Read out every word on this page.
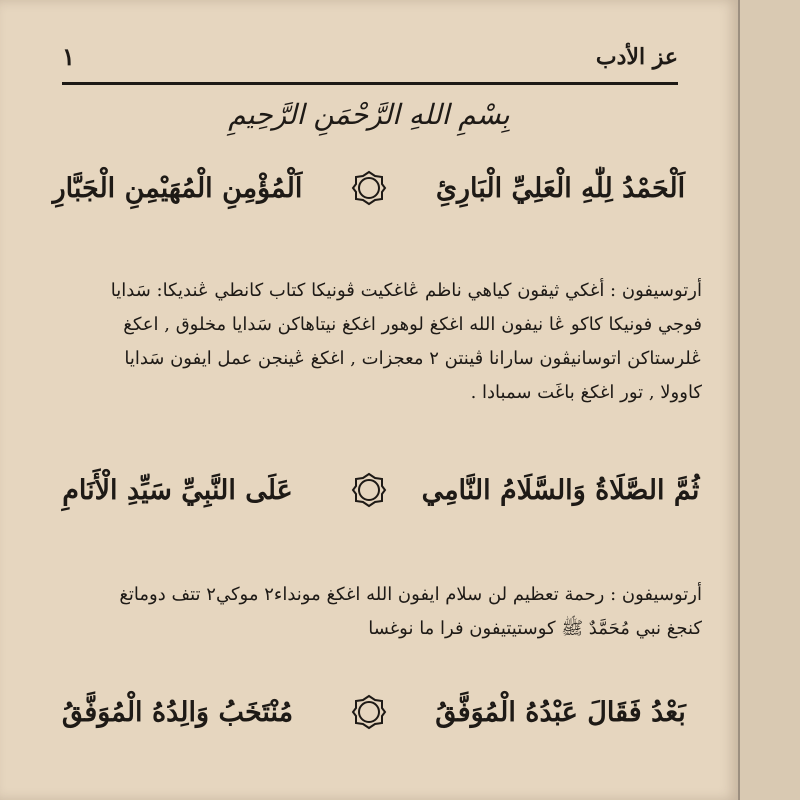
عز الأدب
١
بِسْمِ اللهِ الرَّحْمَنِ الرَّحِيمِ
اَلْحَمْدُ لِلّٰهِ الْعَلِيِّ الْبَارِئِ
اَلْمُؤْمِنِ الْمُهَيْمِنِ الْجَبَّارِ
أرتوسيفون : أغكي ثيقون كياهي ناظم ڠاغكيت ڤونيكا كتاب كانطي ڠنديكا: سَدايا
فوجي فونيكا كاكو ڠا نيفون الله اغكغ لوهور اغكغ نيتاهاكن سَدايا مخلوق , اعكغ
ڠلرستاكن اتوسانيڤون سارانا ڤينتن ٢ معجزات , اغكغ ڠينجن عمل ايفون سَدايا
كاوولا , تور اغكغ باغَت سمبادا .
ثُمَّ الصَّلَاةُ وَالسَّلَامُ النَّامِي
عَلَى النَّبِيِّ سَيِّدِ الْأَنَامِ
أرتوسيفون : رحمة تعظيم لن سلام ايفون الله اغكغ مونداء٢ موكي٢ تتف دوماتغ
كنجغ نبي مُحَمَّدٌ ﷺ كوستيتيفون فرا ما نوغسا
بَعْدُ فَقَالَ عَبْدُهُ الْمُوَفَّقُ
مُنْتَخَبُ وَالِدُهُ الْمُوَفَّقُ
